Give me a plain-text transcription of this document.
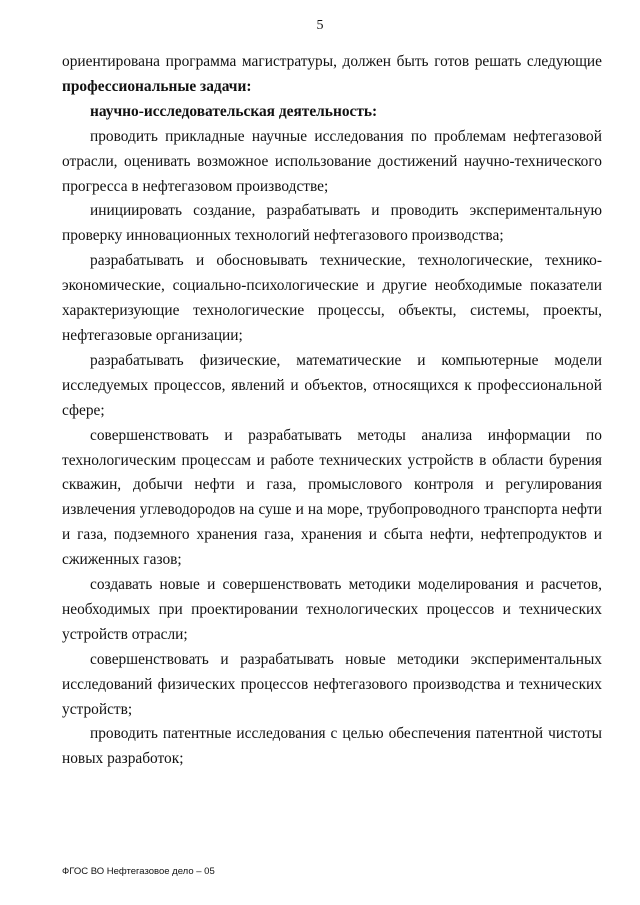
5

ориентирована программа магистратуры, должен быть готов решать следующие профессиональные задачи:

научно-исследовательская деятельность:

проводить прикладные научные исследования по проблемам нефтегазовой отрасли, оценивать возможное использование достижений научно-технического прогресса в нефтегазовом производстве;

инициировать создание, разрабатывать и проводить экспериментальную проверку инновационных технологий нефтегазового производства;

разрабатывать и обосновывать технические, технологические, технико-экономические, социально-психологические и другие необходимые показатели характеризующие технологические процессы, объекты, системы, проекты, нефтегазовые организации;

разрабатывать физические, математические и компьютерные модели исследуемых процессов, явлений и объектов, относящихся к профессиональной сфере;

совершенствовать и разрабатывать методы анализа информации по технологическим процессам и работе технических устройств в области бурения скважин, добычи нефти и газа, промыслового контроля и регулирования извлечения углеводородов на суше и на море, трубопроводного транспорта нефти и газа, подземного хранения газа, хранения и сбыта нефти, нефтепродуктов и сжиженных газов;

создавать новые и совершенствовать методики моделирования и расчетов, необходимых при проектировании технологических процессов и технических устройств отрасли;

совершенствовать и разрабатывать новые методики экспериментальных исследований физических процессов нефтегазового производства и технических устройств;

проводить патентные исследования с целью обеспечения патентной чистоты новых разработок;

ФГОС ВО Нефтегазовое дело – 05
